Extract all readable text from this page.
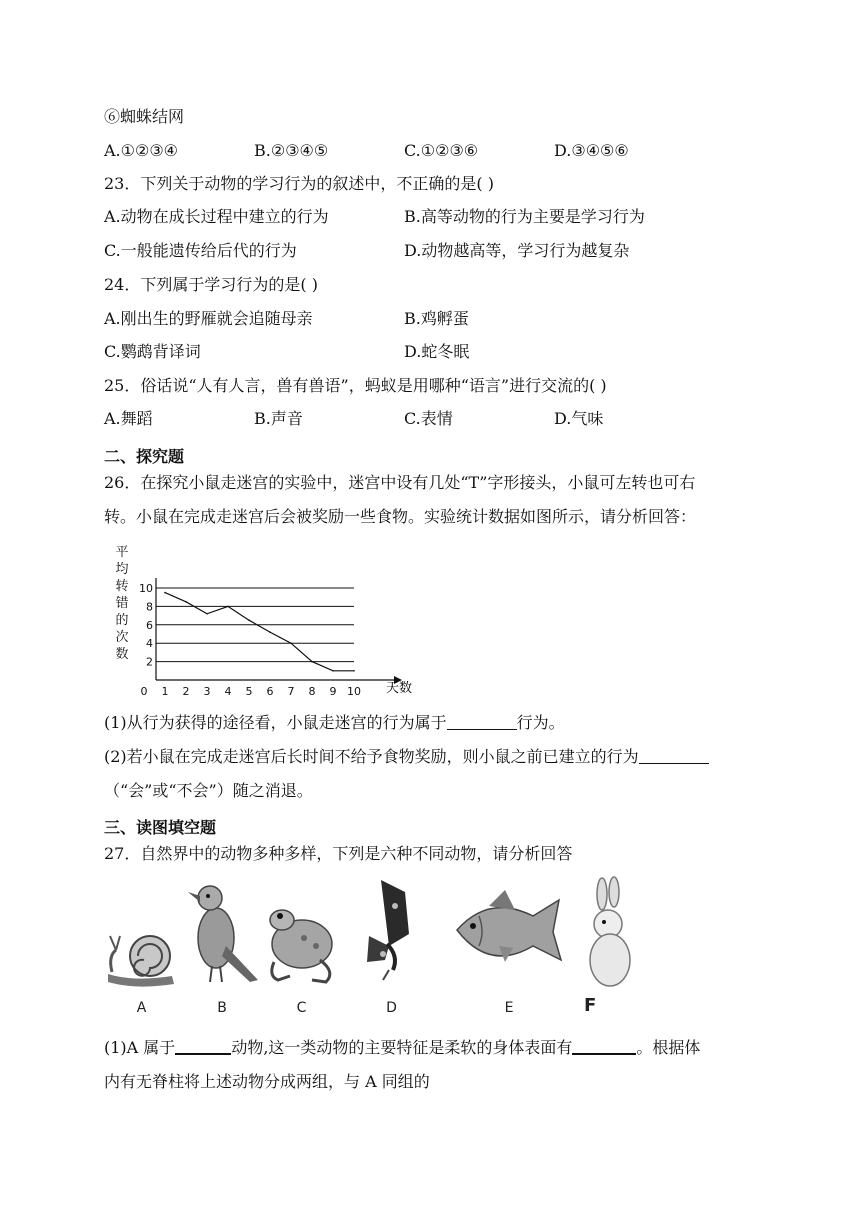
⑥蜘蛛结网
A.①②③④	B.②③④⑤	C.①②③⑥	D.③④⑤⑥
23．下列关于动物的学习行为的叙述中，不正确的是( )
A.动物在成长过程中建立的行为	B.高等动物的行为主要是学习行为
C.一般能遗传给后代的行为	D.动物越高等，学习行为越复杂
24．下列属于学习行为的是( )
A.刚出生的野雁就会追随母亲	B.鸡孵蛋
C.鹦鹉背译词	D.蛇冬眠
25．俗话说“人有人言，兽有兽语”，蚂蚁是用哪种“语言”进行交流的( )
A.舞蹈	B.声音	C.表情	D.气味
二、探究题
26．在探究小鼠走迷宫的实验中，迷宫中设有几处“T”字形接头，小鼠可左转也可右
转。小鼠在完成走迷宫后会被奖励一些食物。实验统计数据如图所示，请分析回答：
平
均
转
错
的
次
数
0 1 2 3 4 5 6 7 8 9 10
2
4
6
8
10
天数
(1)从行为获得的途径看，小鼠走迷宫的行为属于	行为。
(2)若小鼠在完成走迷宫后长时间不给予食物奖励，则小鼠之前已建立的行为
（“会”或“不会”）随之消退。
三、读图填空题
27．自然界中的动物多种多样，下列是六种不同动物，请分析回答
A	B	C	D	E	F
(1)A 属于	动物,这一类动物的主要特征是柔软的身体表面有	。根据体
内有无脊柱将上述动物分成两组，与 A 同组的
